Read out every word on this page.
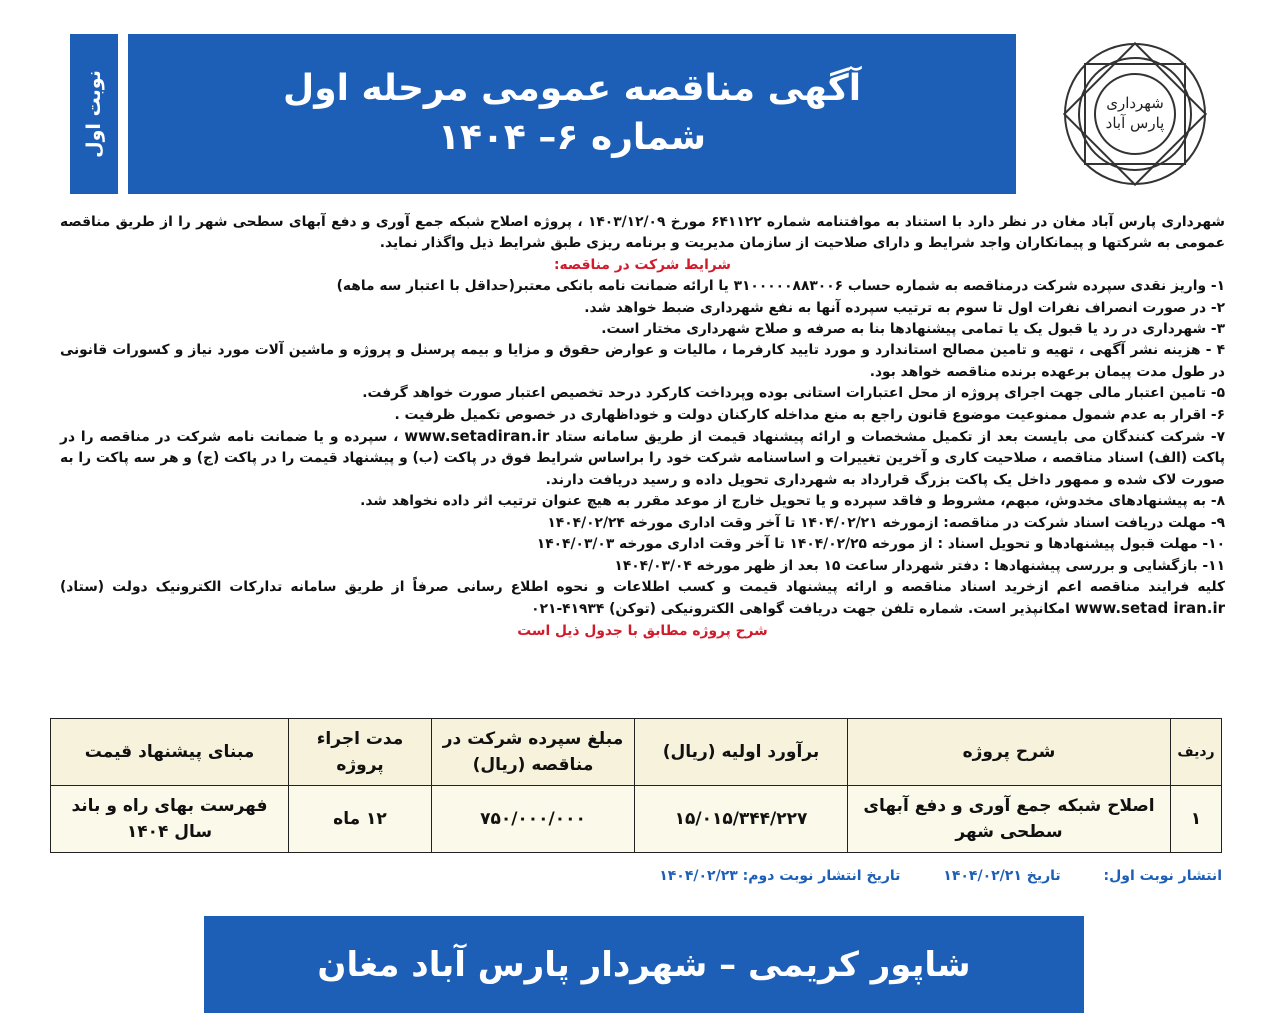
نوبت اول	آگهی مناقصه عمومی مرحله اول
شماره ۶– ۱۴۰۴
شهرداری
پارس آباد

شهرداری پارس آباد مغان در نظر دارد با استناد به موافتنامه شماره ۶۴۱۱۲۲ مورخ ۱۴۰۳/۱۲/۰۹ ، پروژه اصلاح شبکه جمع آوری و دفع آبهای سطحی شهر را از طریق مناقصه عمومی به شرکتها و پیمانکاران واجد شرایط و دارای صلاحیت از سازمان مدیریت و برنامه ریزی طبق شرایط ذیل واگذار نماید.

شرایط شرکت در مناقصه:

۱- واریز نقدی سپرده شرکت درمناقصه به شماره حساب ۳۱۰۰۰۰۰۸۸۳۰۰۶ یا ارائه ضمانت نامه بانکی معتبر(حداقل با اعتبار سه ماهه)

۲- در صورت انصراف نفرات اول تا سوم به ترتیب سپرده آنها به نفع شهرداری ضبط خواهد شد.

۳- شهرداری در رد یا قبول یک یا تمامی پیشنهادها بنا به صرفه و صلاح شهرداری مختار است.

۴ - هزینه نشر آگهی ، تهیه و تامین مصالح استاندارد و مورد تایید کارفرما ، مالیات و عوارض حقوق و مزایا و بیمه پرسنل و پروژه و ماشین آلات مورد نیاز و کسورات قانونی در طول مدت پیمان برعهده برنده مناقصه خواهد بود.

۵- تامین اعتبار مالی جهت اجرای پروژه از محل اعتبارات استانی بوده وپرداخت کارکرد درحد تخصیص اعتبار صورت خواهد گرفت.

۶- اقرار به عدم شمول ممنوعیت موضوع قانون راجع به منع مداخله کارکنان دولت و خوداظهاری در خصوص تکمیل ظرفیت .

۷- شرکت کنندگان می بایست بعد از تکمیل مشخصات و ارائه پیشنهاد قیمت از طریق سامانه ستاد www.setadiran.ir ، سپرده و یا ضمانت نامه شرکت در مناقصه را در پاکت (الف) اسناد مناقصه ، صلاحیت کاری و آخرین تغییرات و اساسنامه شرکت خود را براساس شرایط فوق در پاکت (ب) و پیشنهاد قیمت را در پاکت (ج) و هر سه پاکت را به صورت لاک شده و ممهور داخل یک پاکت بزرگ قرارداد به شهرداری تحویل داده و رسید دریافت دارند.

۸- به پیشنهادهای مخدوش، مبهم، مشروط و فاقد سپرده و یا تحویل خارج از موعد مقرر به هیچ عنوان ترتیب اثر داده نخواهد شد.

۹- مهلت دریافت اسناد شرکت در مناقصه: ازمورخه ۱۴۰۴/۰۲/۲۱ تا آخر وقت اداری مورخه ۱۴۰۴/۰۲/۲۴

۱۰- مهلت قبول پیشنهادها و تحویل اسناد : از مورخه ۱۴۰۴/۰۲/۲۵ تا آخر وقت اداری مورخه ۱۴۰۴/۰۳/۰۳

۱۱- بازگشایی و بررسی پیشنهادها : دفتر شهردار ساعت ۱۵ بعد از ظهر مورخه ۱۴۰۴/۰۳/۰۴

کلیه فرایند مناقصه اعم ازخرید اسناد مناقصه و ارائه پیشنهاد قیمت و کسب اطلاعات و نحوه اطلاع رسانی صرفاً از طریق سامانه تدارکات الکترونیک دولت (ستاد) www.setad iran.ir امکانپذیر است. شماره تلفن جهت دریافت گواهی الکترونیکی (توکن) ۴۱۹۳۴-۰۲۱

شرح پروژه مطابق با جدول ذیل است

ردیف	شرح پروژه	برآورد اولیه (ریال)	مبلغ سپرده شرکت در مناقصه (ریال)	مدت اجراء پروژه	مبنای پیشنهاد قیمت
۱	اصلاح شبکه جمع آوری و دفع آبهای سطحی شهر	۱۵/۰۱۵/۳۴۴/۲۲۷	۷۵۰/۰۰۰/۰۰۰	۱۲ ماه	فهرست بهای راه و باند سال ۱۴۰۴
انتشار نوبت اول: تاریخ ۱۴۰۴/۰۲/۲۱ تاریخ انتشار نوبت دوم: ۱۴۰۴/۰۲/۲۳
شاپور کریمی – شهردار پارس آباد مغان
